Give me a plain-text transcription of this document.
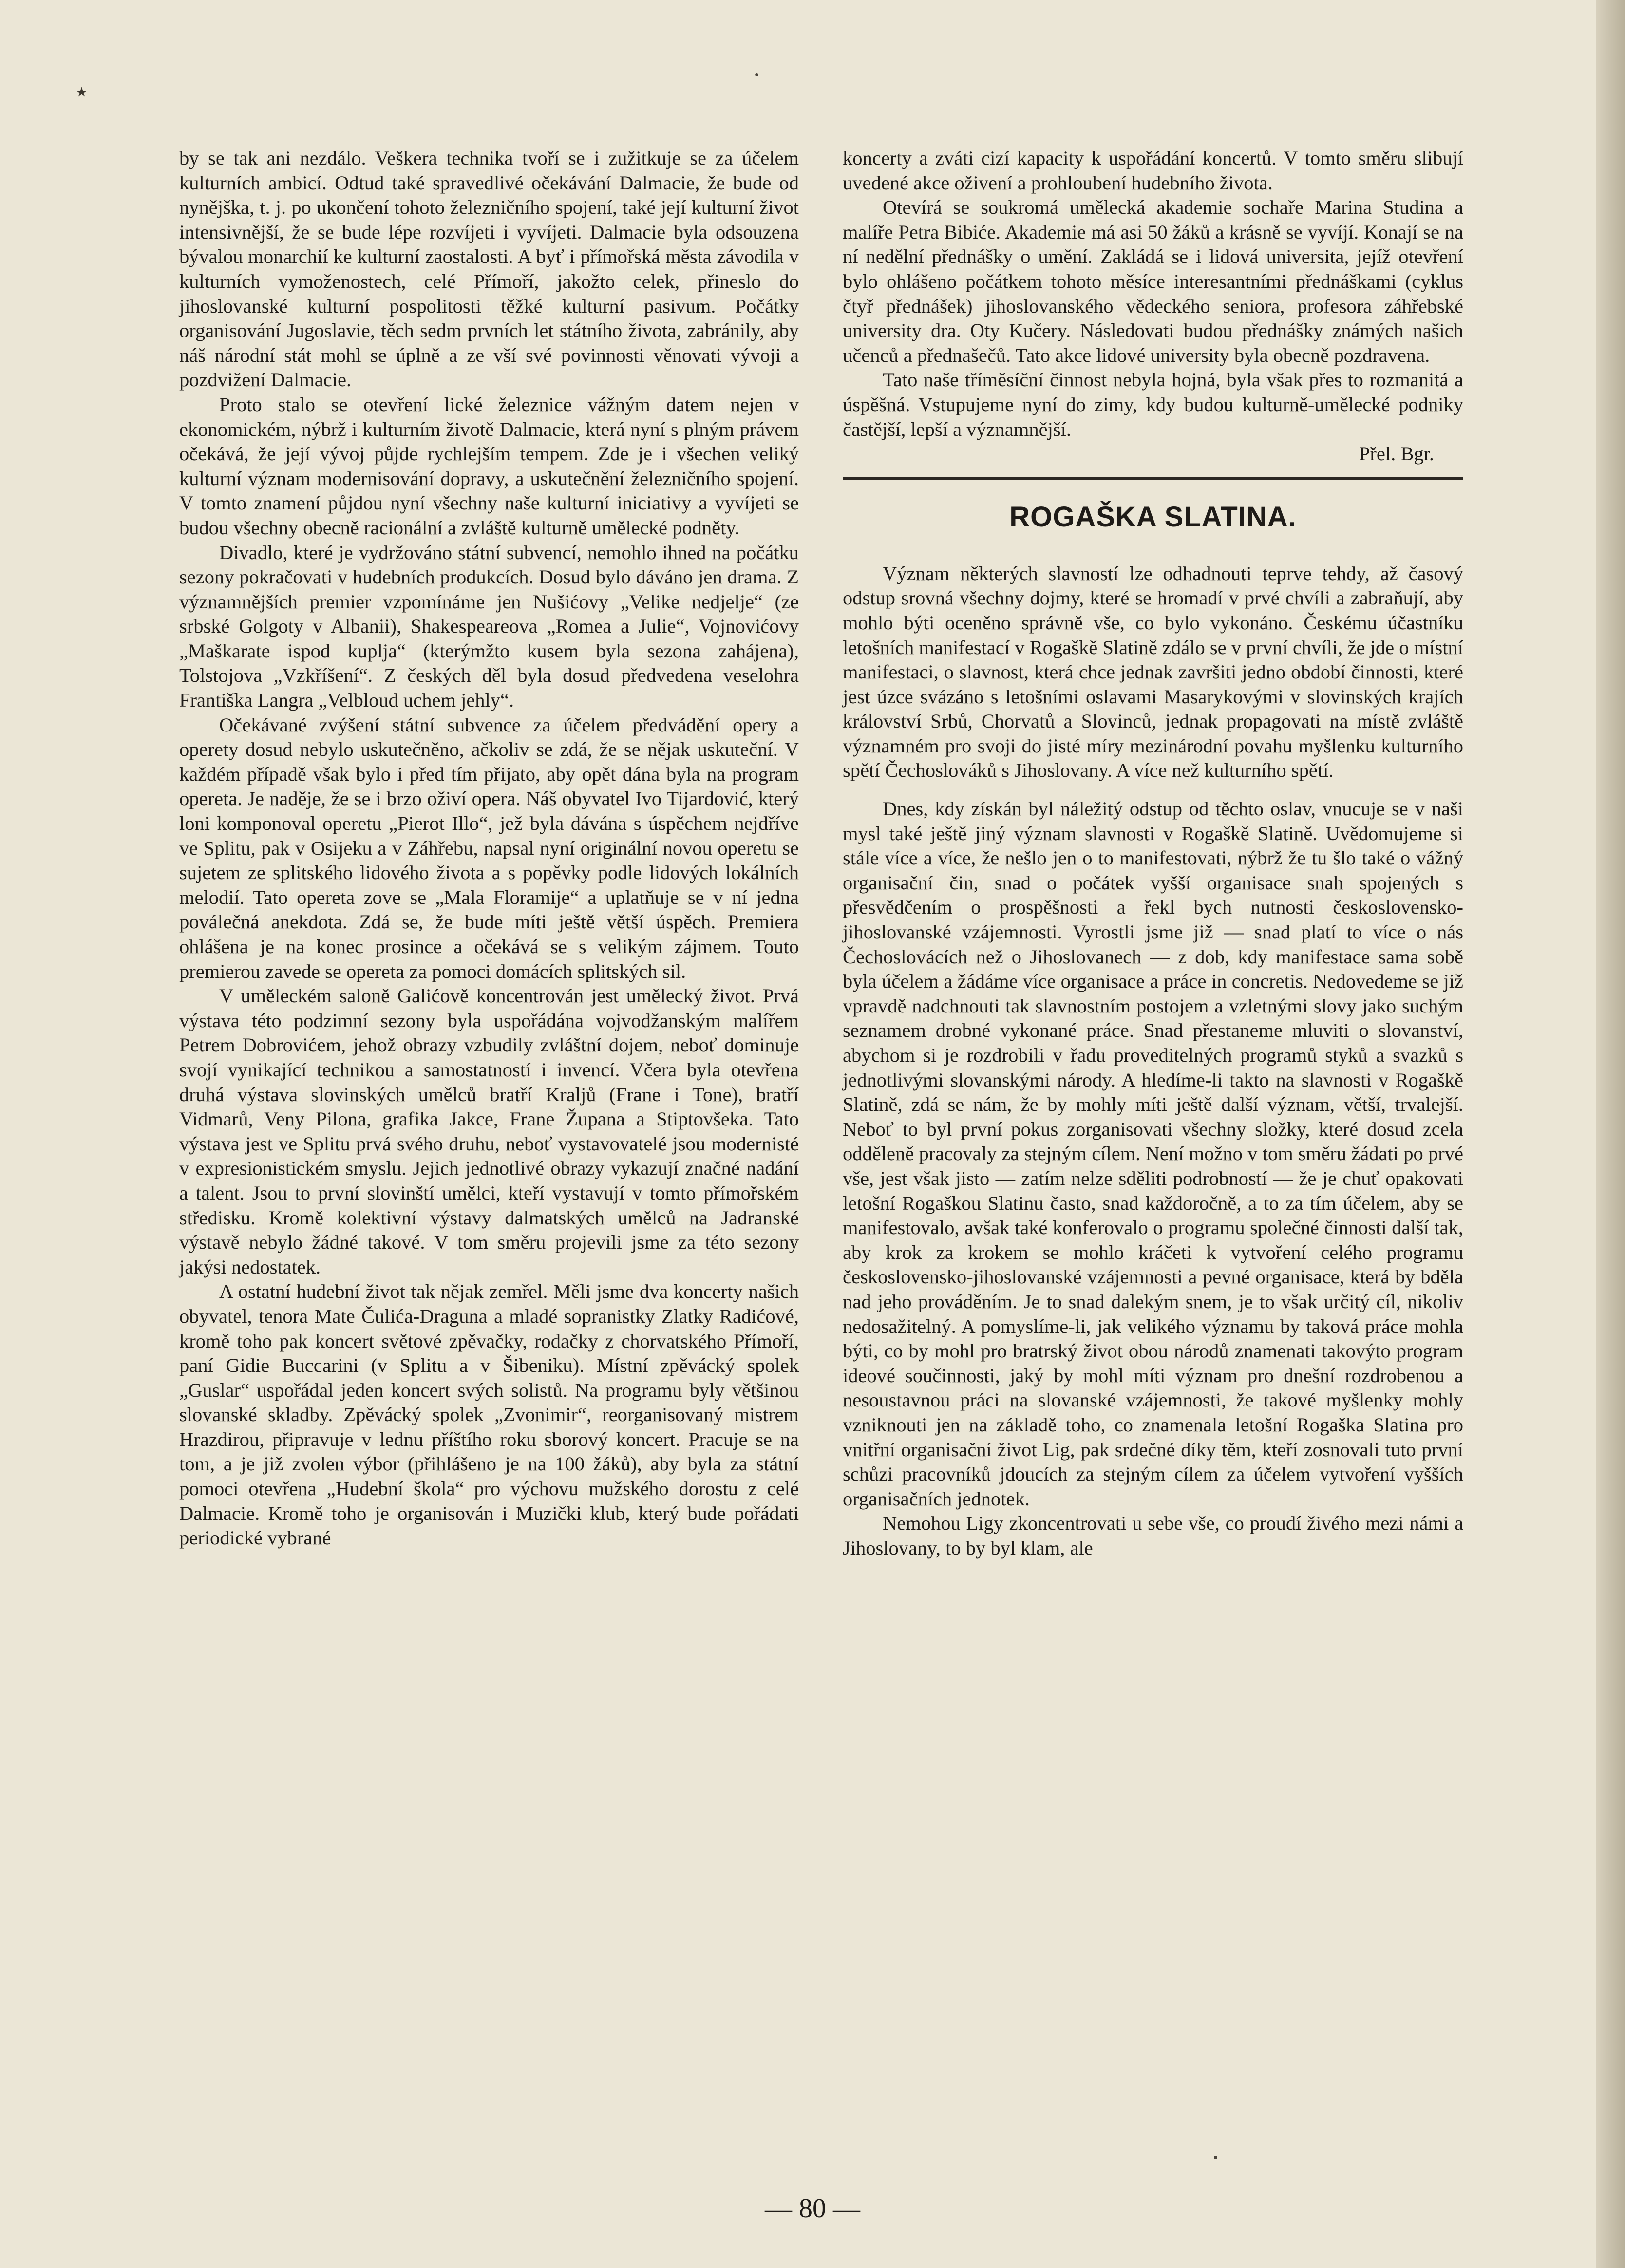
٭

by se tak ani nezdálo. Veškera technika tvoří se i zužitkuje se za účelem kulturních ambicí. Odtud také spravedlivé očekávání Dalmacie, že bude od nynějška, t. j. po ukončení tohoto železničního spojení, také její kulturní život intensivnější, že se bude lépe rozvíjeti i vyvíjeti. Dalmacie byla odsouzena bývalou monarchií ke kulturní zaostalosti. A byť i přímořská města závodila v kulturních vymoženostech, celé Přímoří, jakožto celek, přineslo do jihoslovanské kulturní pospolitosti těžké kulturní pasivum. Počátky organisování Jugoslavie, těch sedm prvních let státního života, zabránily, aby náš národní stát mohl se úplně a ze vší své povinnosti věnovati vývoji a pozdvižení Dalmacie.

Proto stalo se otevření lické železnice vážným datem nejen v ekonomickém, nýbrž i kulturním životě Dalmacie, která nyní s plným právem očekává, že její vývoj půjde rychlejším tempem. Zde je i všechen veliký kulturní význam modernisování dopravy, a uskutečnění železničního spojení. V tomto znamení půjdou nyní všechny naše kulturní iniciativy a vyvíjeti se budou všechny obecně racionální a zvláště kulturně umělecké podněty.

Divadlo, které je vydržováno státní subvencí, nemohlo ihned na počátku sezony pokračovati v hudebních produkcích. Dosud bylo dáváno jen drama. Z významnějších premier vzpomínáme jen Nušićovy „Velike nedjelje“ (ze srbské Golgoty v Albanii), Shakespeareova „Romea a Julie“, Vojnovićovy „Maškarate ispod kuplja“ (kterýmžto kusem byla sezona zahájena), Tolstojova „Vzkříšení“. Z českých děl byla dosud předvedena veselohra Františka Langra „Velbloud uchem jehly“.

Očekávané zvýšení státní subvence za účelem předvádění opery a operety dosud nebylo uskutečněno, ačkoliv se zdá, že se nějak uskuteční. V každém případě však bylo i před tím přijato, aby opět dána byla na program opereta. Je naděje, že se i brzo oživí opera. Náš obyvatel Ivo Tijardović, který loni komponoval operetu „Pierot Illo“, jež byla dávána s úspěchem nejdříve ve Splitu, pak v Osijeku a v Záhřebu, napsal nyní originální novou operetu se sujetem ze splitského lidového života a s popěvky podle lidových lokálních melodií. Tato opereta zove se „Mala Floramije“ a uplatňuje se v ní jedna poválečná anekdota. Zdá se, že bude míti ještě větší úspěch. Premiera ohlášena je na konec prosince a očekává se s velikým zájmem. Touto premierou zavede se opereta za pomoci domácích splitských sil.

V uměleckém saloně Galićově koncentrován jest umělecký život. Prvá výstava této podzimní sezony byla uspořádána vojvodžanským malířem Petrem Dobrovićem, jehož obrazy vzbudily zvláštní dojem, neboť dominuje svojí vynikající technikou a samostatností i invencí. Včera byla otevřena druhá výstava slovinských umělců bratří Kraljů (Frane i Tone), bratří Vidmarů, Veny Pilona, grafika Jakce, Frane Župana a Stiptovšeka. Tato výstava jest ve Splitu prvá svého druhu, neboť vystavovatelé jsou modernisté v expresionistickém smyslu. Jejich jednotlivé obrazy vykazují značné nadání a talent. Jsou to první slovinští umělci, kteří vystavují v tomto přímořském středisku. Kromě kolektivní výstavy dalmatských umělců na Jadranské výstavě nebylo žádné takové. V tom směru projevili jsme za této sezony jakýsi nedostatek.

A ostatní hudební život tak nějak zemřel. Měli jsme dva koncerty našich obyvatel, tenora Mate Čulića-Draguna a mladé sopranistky Zlatky Radićové, kromě toho pak koncert světové zpěvačky, rodačky z chorvatského Přímoří, paní Gidie Buccarini (v Splitu a v Šibeniku). Místní zpěvácký spolek „Guslar“ uspořádal jeden koncert svých solistů. Na programu byly většinou slovanské skladby. Zpěvácký spolek „Zvonimir“, reorganisovaný mistrem Hrazdirou, připravuje v lednu příštího roku sborový koncert. Pracuje se na tom, a je již zvolen výbor (přihlášeno je na 100 žáků), aby byla za státní pomoci otevřena „Hudební škola“ pro výchovu mužského dorostu z celé Dalmacie. Kromě toho je organisován i Muzički klub, který bude pořádati periodické vybrané

koncerty a zváti cizí kapacity k uspořádání koncertů. V tomto směru slibují uvedené akce oživení a prohloubení hudebního života.

Otevírá se soukromá umělecká akademie sochaře Marina Studina a malíře Petra Bibiće. Akademie má asi 50 žáků a krásně se vyvíjí. Konají se na ní nedělní přednášky o umění. Zakládá se i lidová universita, jejíž otevření bylo ohlášeno počátkem tohoto měsíce interesantními přednáškami (cyklus čtyř přednášek) jihoslovanského vědeckého seniora, profesora záhřebské university dra. Oty Kučery. Následovati budou přednášky známých našich učenců a přednašečů. Tato akce lidové university byla obecně pozdravena.

Tato naše tříměsíční činnost nebyla hojná, byla však přes to rozmanitá a úspěšná. Vstupujeme nyní do zimy, kdy budou kulturně-umělecké podniky častější, lepší a významnější.

Přel. Bgr.
ROGAŠKA SLATINA.

Význam některých slavností lze odhadnouti teprve tehdy, až časový odstup srovná všechny dojmy, které se hromadí v prvé chvíli a zabraňují, aby mohlo býti oceněno správně vše, co bylo vykonáno. Českému účastníku letošních manifestací v Rogaškě Slatině zdálo se v první chvíli, že jde o místní manifestaci, o slavnost, která chce jednak završiti jedno období činnosti, které jest úzce svázáno s letošními oslavami Masarykovými v slovinských krajích království Srbů, Chorvatů a Slovinců, jednak propagovati na místě zvláště významném pro svoji do jisté míry mezinárodní povahu myšlenku kulturního spětí Čechoslováků s Jihoslovany. A více než kulturního spětí.

Dnes, kdy získán byl náležitý odstup od těchto oslav, vnucuje se v naši mysl také ještě jiný význam slavnosti v Rogaškě Slatině. Uvědomujeme si stále více a více, že nešlo jen o to manifestovati, nýbrž že tu šlo také o vážný organisační čin, snad o počátek vyšší organisace snah spojených s přesvědčením o prospěšnosti a řekl bych nutnosti československo-jihoslovanské vzájemnosti. Vyrostli jsme již — snad platí to více o nás Čechoslovácích než o Jihoslovanech — z dob, kdy manifestace sama sobě byla účelem a žádáme více organisace a práce in concretis. Nedovedeme se již vpravdě nadchnouti tak slavnostním postojem a vzletnými slovy jako suchým seznamem drobné vykonané práce. Snad přestaneme mluviti o slovanství, abychom si je rozdrobili v řadu proveditelných programů styků a svazků s jednotlivými slovanskými národy. A hledíme-li takto na slavnosti v Rogaškě Slatině, zdá se nám, že by mohly míti ještě další význam, větší, trvalejší. Neboť to byl první pokus zorganisovati všechny složky, které dosud zcela odděleně pracovaly za stejným cílem. Není možno v tom směru žádati po prvé vše, jest však jisto — zatím nelze sděliti podrobností — že je chuť opakovati letošní Rogaškou Slatinu často, snad každoročně, a to za tím účelem, aby se manifestovalo, avšak také konferovalo o programu společné činnosti další tak, aby krok za krokem se mohlo kráčeti k vytvoření celého programu československo-jihoslovanské vzájemnosti a pevné organisace, která by bděla nad jeho prováděním. Je to snad dalekým snem, je to však určitý cíl, nikoliv nedosažitelný. A pomyslíme-li, jak velikého významu by taková práce mohla býti, co by mohl pro bratrský život obou národů znamenati takovýto program ideové součinnosti, jaký by mohl míti význam pro dnešní rozdrobenou a nesoustavnou práci na slovanské vzájemnosti, že takové myšlenky mohly vzniknouti jen na základě toho, co znamenala letošní Rogaška Slatina pro vnitřní organisační život Lig, pak srdečné díky těm, kteří zosnovali tuto první schůzi pracovníků jdoucích za stejným cílem za účelem vytvoření vyšších organisačních jednotek.

Nemohou Ligy zkoncentrovati u sebe vše, co proudí živého mezi námi a Jihoslovany, to by byl klam, ale

— 80 —
